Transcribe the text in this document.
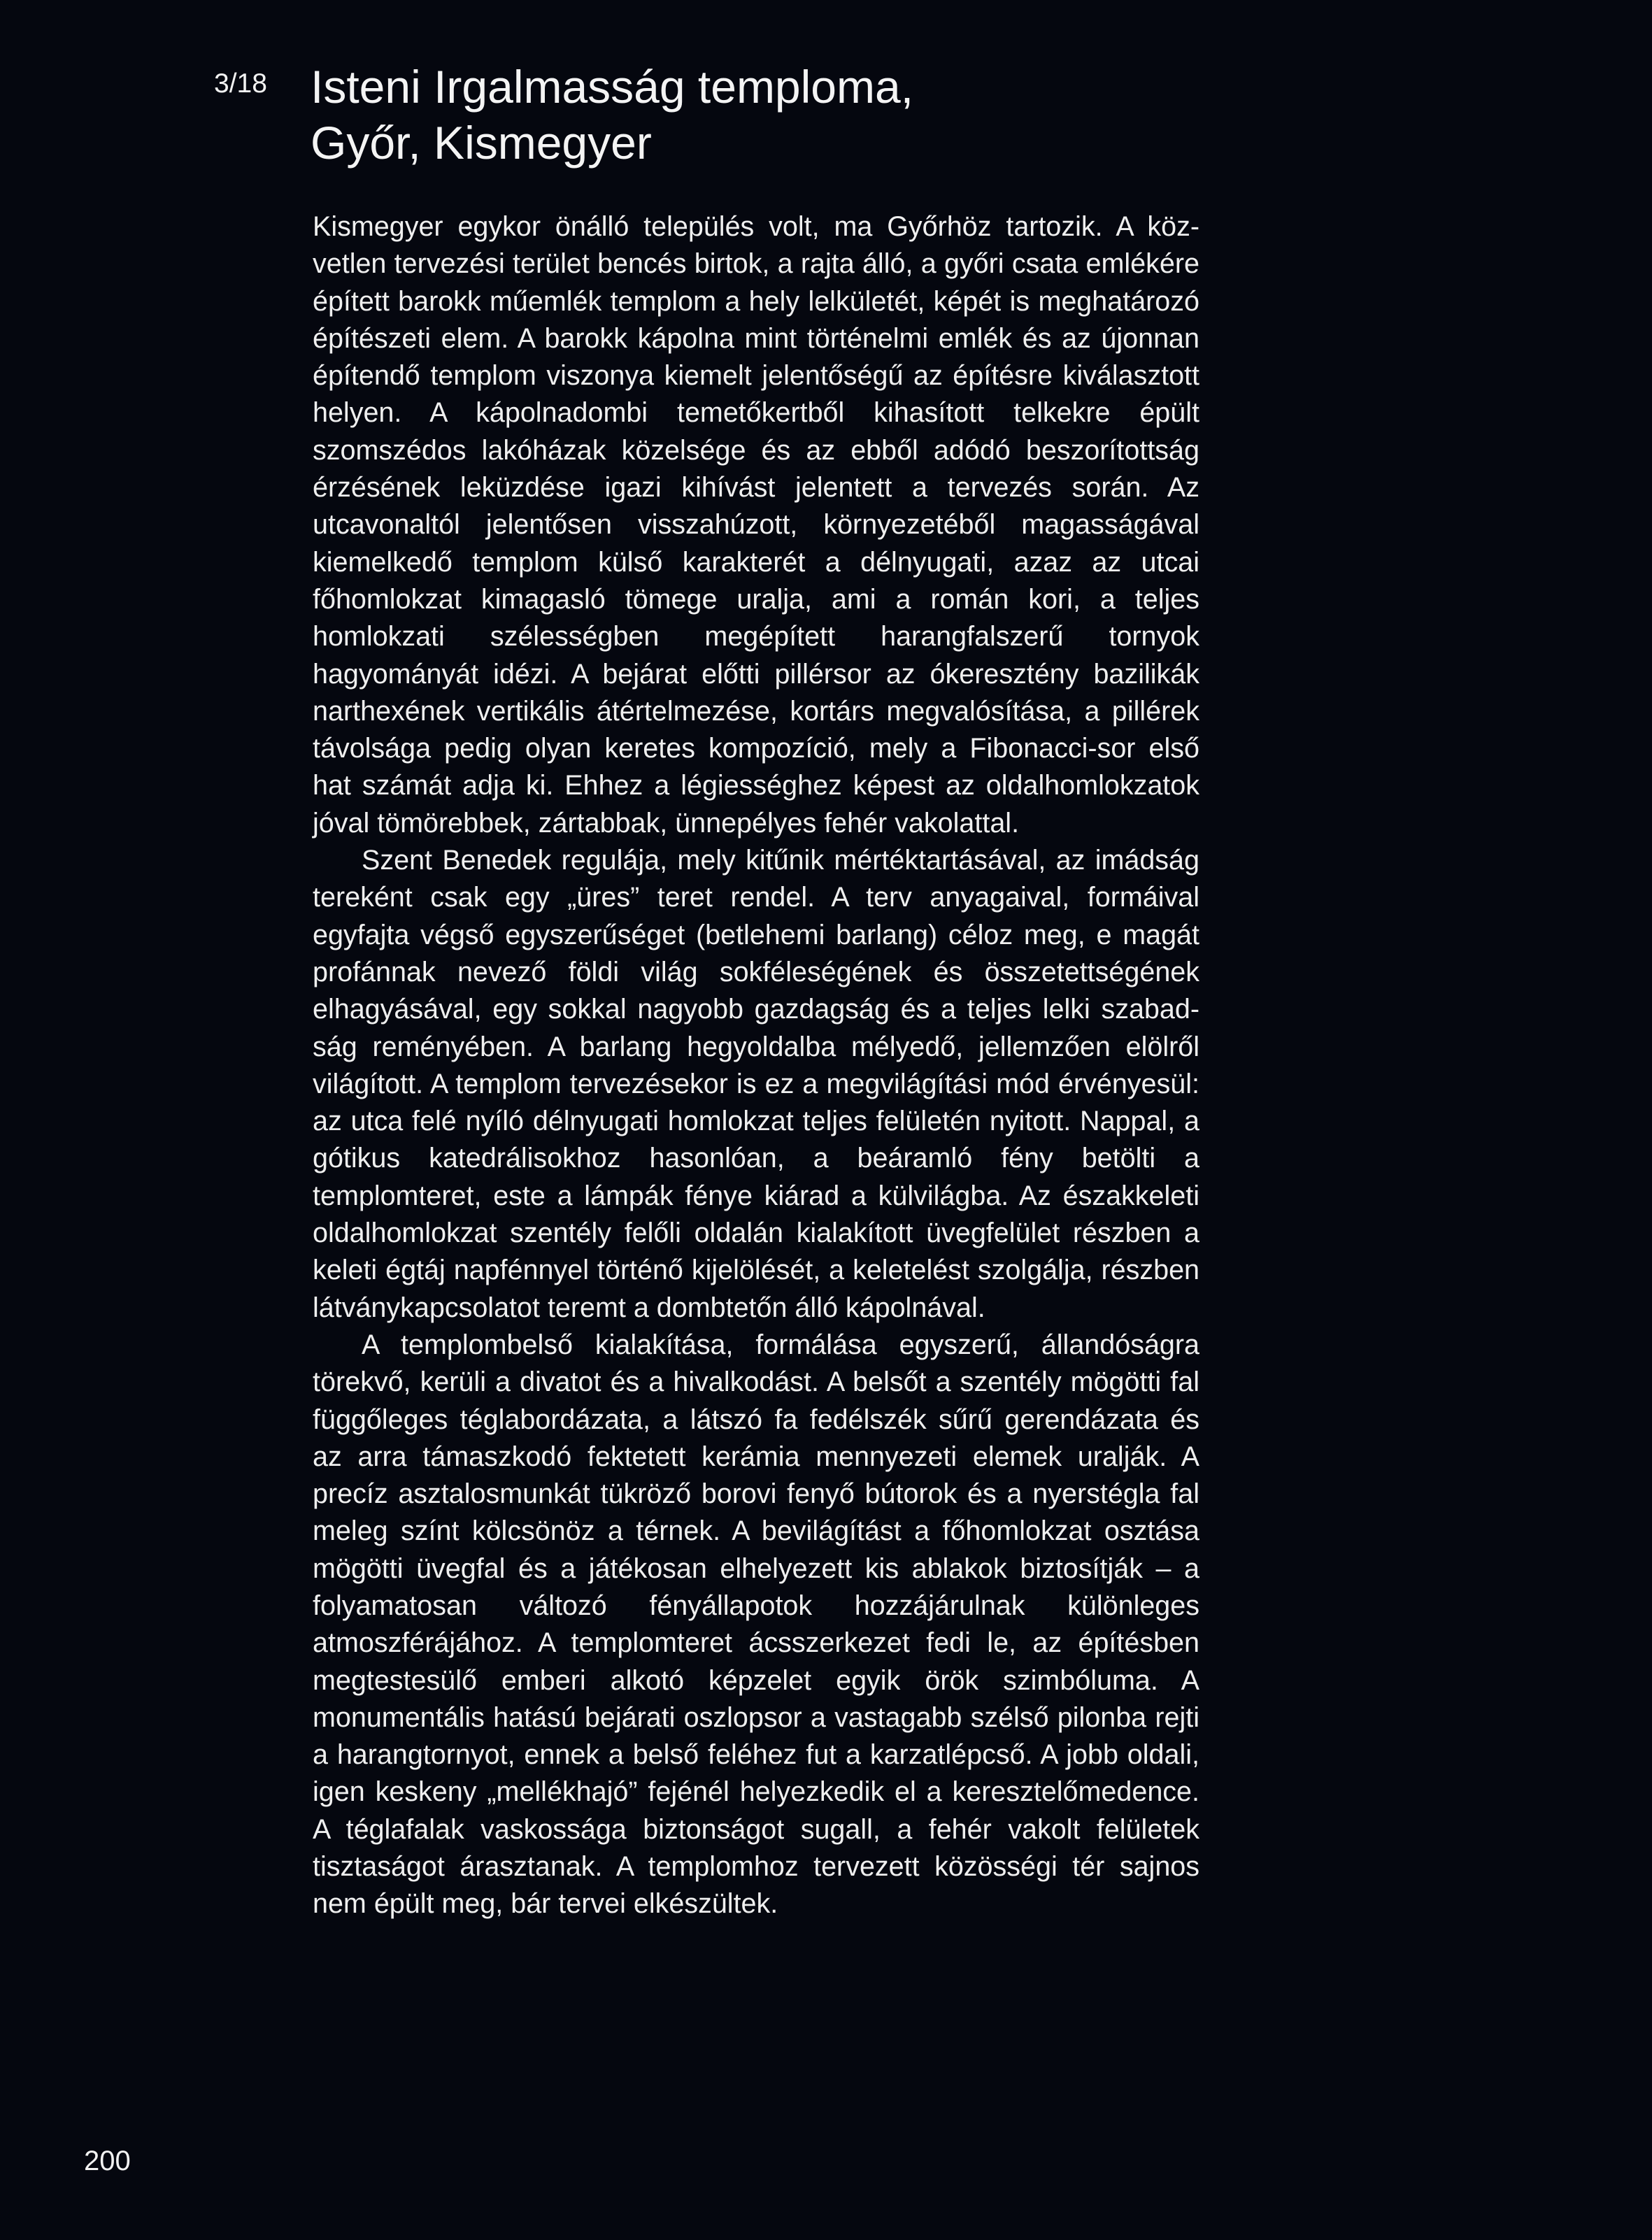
3/18 Isteni Irgalmasság temploma,
Győr, Kismegyer

Kismegyer egykor önálló település volt, ma Győrhöz tartozik. A közvetlen tervezési terület bencés birtok, a rajta álló, a győri csata emlékére épített barokk műemlék templom a hely lelkületét, képét is meghatározó építészeti elem. A barokk kápolna mint történelmi emlék és az újonnan építendő templom viszonya kiemelt jelentőségű az építésre kiválasztott helyen. A kápolnadombi temetőkertből kihasított telkekre épült szomszédos lakóházak közelsége és az ebből adódó beszorítottság érzésének leküzdése igazi kihívást jelentett a tervezés során. Az utcavonaltól jelentősen visszahúzott, környezetéből magasságával kiemelkedő templom külső karakterét a délnyugati, azaz az utcai főhomlokzat kimagasló tömege uralja, ami a román kori, a teljes homlokzati szélességben megépített harangfalszerű tornyok hagyományát idézi. A bejárat előtti pillérsor az ókeresztény bazilikák narthexének vertikális átértelmezése, kortárs megvalósítása, a pillérek távolsága pedig olyan keretes kompozíció, mely a Fibonacci-sor első hat számát adja ki. Ehhez a légiességhez képest az oldalhomlokzatok jóval tömörebbek, zártabbak, ünnepélyes fehér vakolattal.

Szent Benedek regulája, mely kitűnik mértéktartásával, az imádság tereként csak egy „üres” teret rendel. A terv anyagaival, formáival egyfajta végső egyszerűséget (betlehemi barlang) céloz meg, e magát profánnak nevező földi világ sokféleségének és összetettségének elhagyásával, egy sokkal nagyobb gazdagság és a teljes lelki szabadság reményében. A barlang hegyoldalba mélyedő, jellemzően elölről világított. A templom tervezésekor is ez a megvilágítási mód érvényesül: az utca felé nyíló délnyugati homlokzat teljes felületén nyitott. Nappal, a gótikus katedrálisokhoz hasonlóan, a beáramló fény betölti a templomteret, este a lámpák fénye kiárad a külvilágba. Az északkeleti oldalhomlokzat szentély felőli oldalán kialakított üvegfelület részben a keleti égtáj napfénnyel történő kijelölését, a keletelést szolgálja, részben látványkapcsolatot teremt a dombtetőn álló kápolnával.

A templombelső kialakítása, formálása egyszerű, állandóságra törekvő, kerüli a divatot és a hivalkodást. A belsőt a szentély mögötti fal függőleges téglabordázata, a látszó fa fedélszék sűrű gerendázata és az arra támaszkodó fektetett kerámia mennyezeti elemek uralják. A precíz asztalosmunkát tükröző borovi fenyő bútorok és a nyerstégla fal meleg színt kölcsönöz a térnek. A bevilágítást a főhomlokzat osztása mögötti üvegfal és a játékosan elhelyezett kis ablakok biztosítják – a folyamatosan változó fényállapotok hozzájárulnak különleges atmoszférájához. A templomteret ácsszerkezet fedi le, az építésben megtestesülő emberi alkotó képzelet egyik örök szimbóluma. A monumentális hatású bejárati oszlopsor a vastagabb szélső pilonba rejti a harangtornyot, ennek a belső feléhez fut a karzatlépcső. A jobb oldali, igen keskeny „mellékhajó” fejénél helyezkedik el a keresztelőmedence. A téglafalak vaskossága biztonságot sugall, a fehér vakolt felületek tisztaságot árasztanak. A templomhoz tervezett közösségi tér sajnos nem épült meg, bár tervei elkészültek.

200
